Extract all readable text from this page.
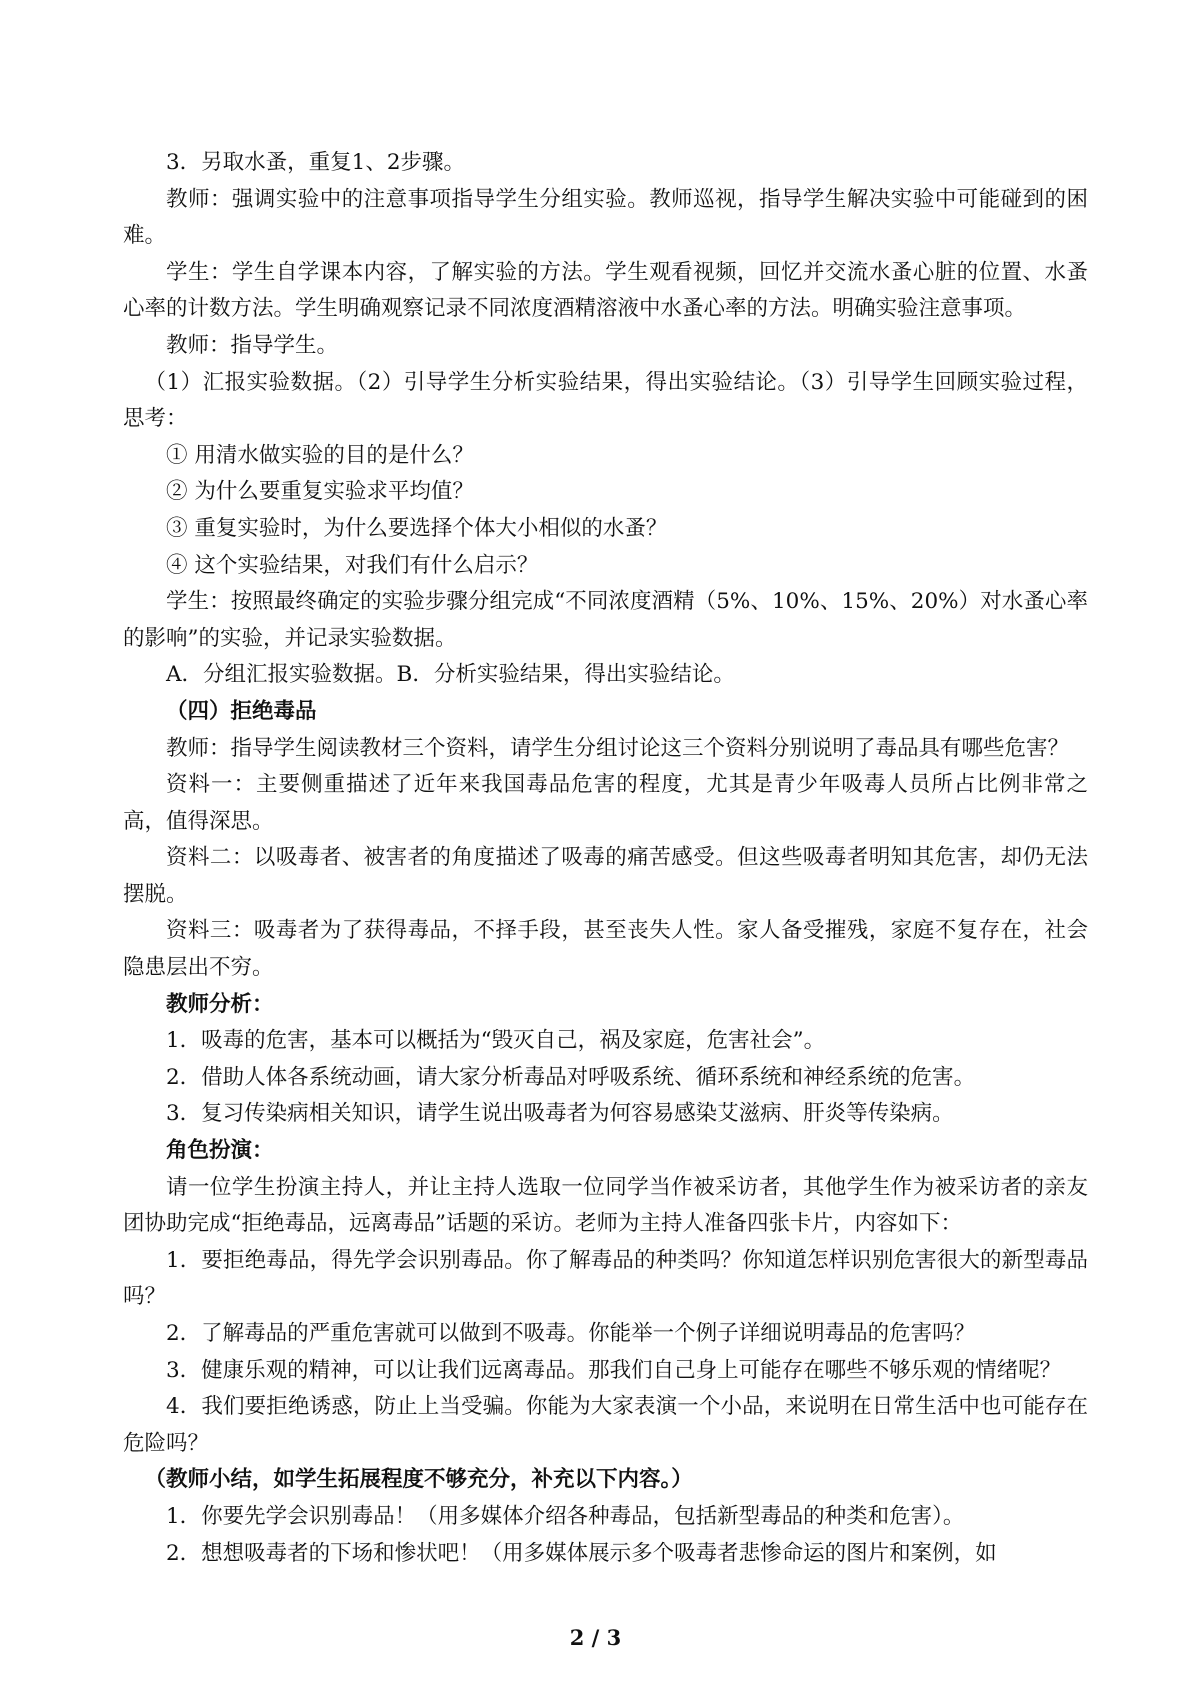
3．另取水蚤，重复1、2步骤。

教师：强调实验中的注意事项指导学生分组实验。教师巡视，指导学生解决实验中可能碰到的困难。

学生：学生自学课本内容，了解实验的方法。学生观看视频，回忆并交流水蚤心脏的位置、水蚤心率的计数方法。学生明确观察记录不同浓度酒精溶液中水蚤心率的方法。明确实验注意事项。

教师：指导学生。

（1）汇报实验数据。（2）引导学生分析实验结果，得出实验结论。（3）引导学生回顾实验过程，思考：

① 用清水做实验的目的是什么？

② 为什么要重复实验求平均值？

③ 重复实验时，为什么要选择个体大小相似的水蚤？

④ 这个实验结果，对我们有什么启示？

学生：按照最终确定的实验步骤分组完成“不同浓度酒精（5%、10%、15%、20%）对水蚤心率的影响”的实验，并记录实验数据。

A．分组汇报实验数据。B．分析实验结果，得出实验结论。

（四）拒绝毒品

教师：指导学生阅读教材三个资料，请学生分组讨论这三个资料分别说明了毒品具有哪些危害？

资料一：主要侧重描述了近年来我国毒品危害的程度，尤其是青少年吸毒人员所占比例非常之高，值得深思。

资料二：以吸毒者、被害者的角度描述了吸毒的痛苦感受。但这些吸毒者明知其危害，却仍无法摆脱。

资料三：吸毒者为了获得毒品，不择手段，甚至丧失人性。家人备受摧残，家庭不复存在，社会隐患层出不穷。

教师分析：

1．吸毒的危害，基本可以概括为“毁灭自己，祸及家庭，危害社会”。

2．借助人体各系统动画，请大家分析毒品对呼吸系统、循环系统和神经系统的危害。

3．复习传染病相关知识，请学生说出吸毒者为何容易感染艾滋病、肝炎等传染病。

角色扮演：

请一位学生扮演主持人，并让主持人选取一位同学当作被采访者，其他学生作为被采访者的亲友团协助完成“拒绝毒品，远离毒品”话题的采访。老师为主持人准备四张卡片，内容如下：

1．要拒绝毒品，得先学会识别毒品。你了解毒品的种类吗？你知道怎样识别危害很大的新型毒品吗？

2．了解毒品的严重危害就可以做到不吸毒。你能举一个例子详细说明毒品的危害吗？

3．健康乐观的精神，可以让我们远离毒品。那我们自己身上可能存在哪些不够乐观的情绪呢？

4．我们要拒绝诱惑，防止上当受骗。你能为大家表演一个小品，来说明在日常生活中也可能存在危险吗？

（教师小结，如学生拓展程度不够充分，补充以下内容。）

1．你要先学会识别毒品！（用多媒体介绍各种毒品，包括新型毒品的种类和危害）。

2．想想吸毒者的下场和惨状吧！（用多媒体展示多个吸毒者悲惨命运的图片和案例，如

2 / 3
